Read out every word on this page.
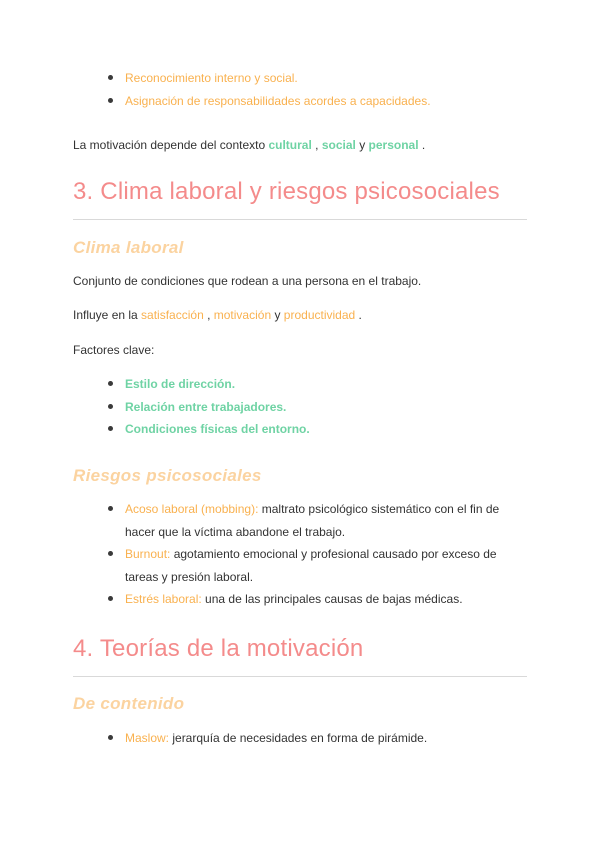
Reconocimiento interno y social.
Asignación de responsabilidades acordes a capacidades.
La motivación depende del contexto cultural , social y personal .
3. Clima laboral y riesgos psicosociales
Clima laboral
Conjunto de condiciones que rodean a una persona en el trabajo.
Influye en la satisfacción , motivación y productividad .
Factores clave:
Estilo de dirección.
Relación entre trabajadores.
Condiciones físicas del entorno.
Riesgos psicosociales
Acoso laboral (mobbing): maltrato psicológico sistemático con el fin de hacer que la víctima abandone el trabajo.
Burnout: agotamiento emocional y profesional causado por exceso de tareas y presión laboral.
Estrés laboral: una de las principales causas de bajas médicas.
4. Teorías de la motivación
De contenido
Maslow: jerarquía de necesidades en forma de pirámide.
